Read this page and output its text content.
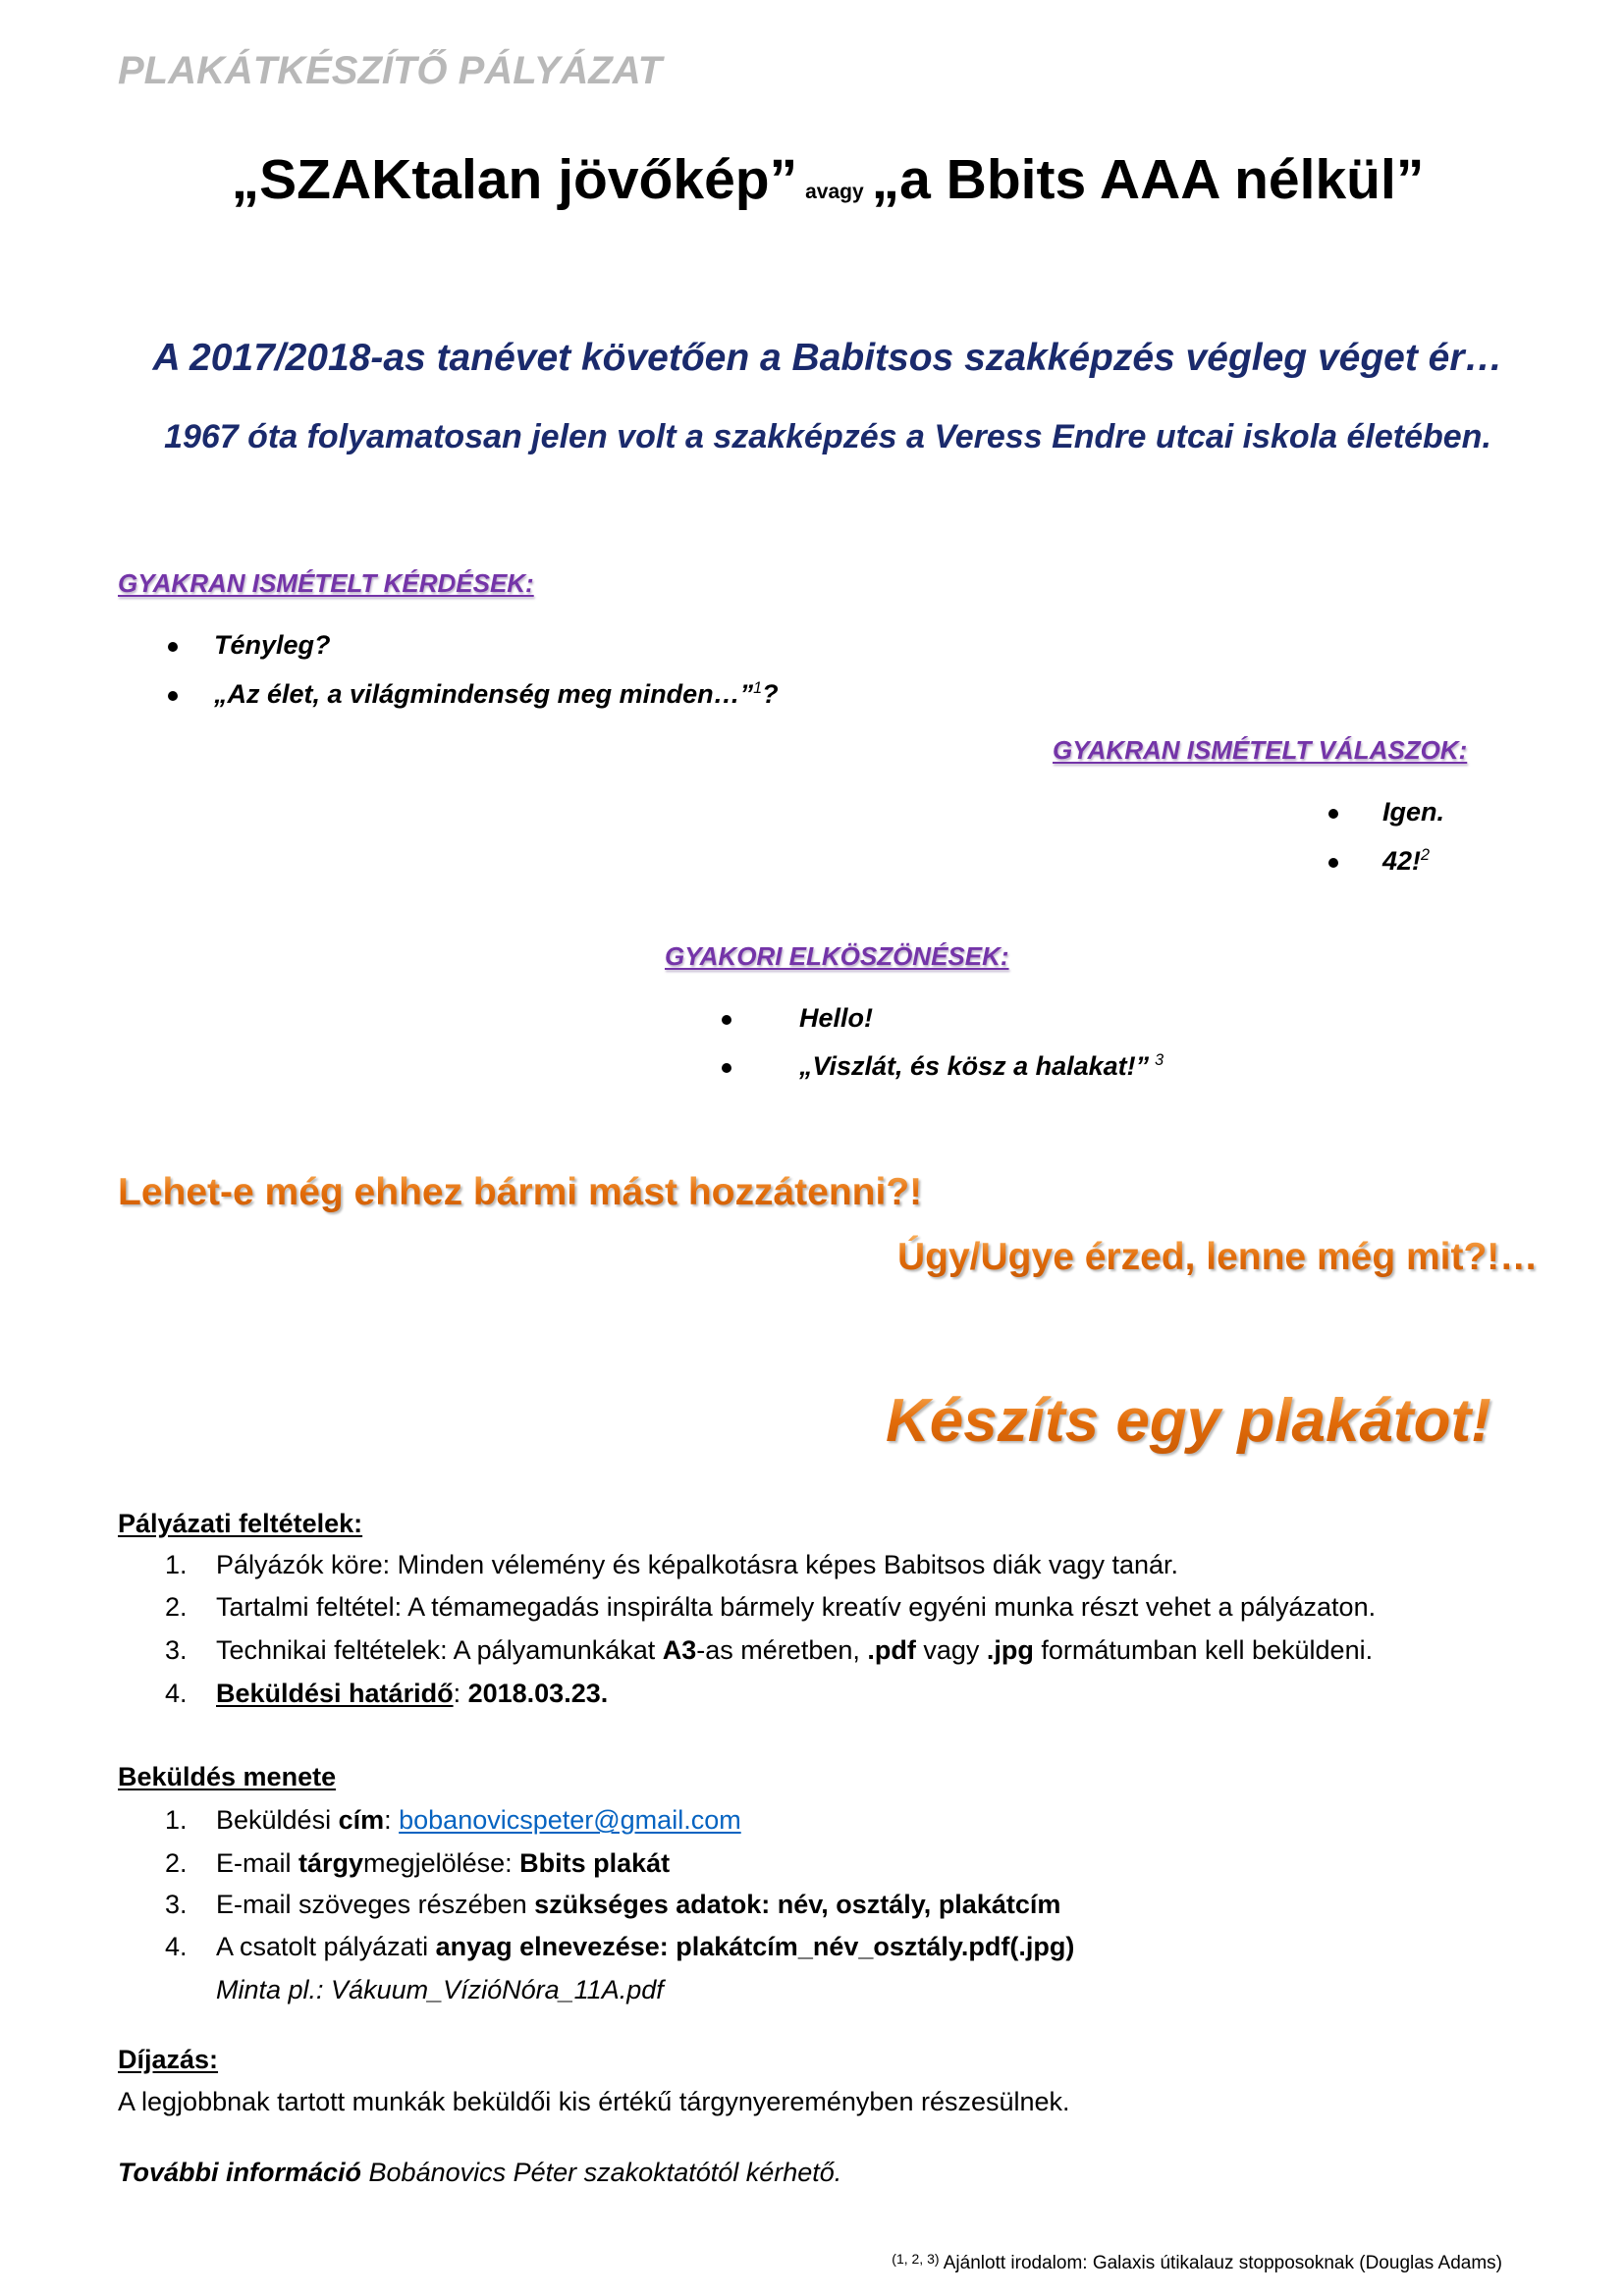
PLAKÁTKÉSZÍTŐ PÁLYÁZAT
„SZAKtalan jövőkép” avagy „a Bbits AAA nélkül”
A 2017/2018-as tanévet követően a Babitsos szakképzés végleg véget ér…
1967 óta folyamatosan jelen volt a szakképzés a Veress Endre utcai iskola életében.
GYAKRAN ISMÉTELT KÉRDÉSEK:
Tényleg?
„Az élet, a világmindenség meg minden…”$^1$?
GYAKRAN ISMÉTELT VÁLASZOK:
Igen.
42!$^2$
GYAKORI ELKÖSZÖNÉSEK:
Hello!
„Viszlát, és kösz a halakat!” $^3$
Lehet-e még ehhez bármi mást hozzátenni?!
Úgy/Ugye érzed, lenne még mit?!…
Készíts egy plakátot!
Pályázati feltételek:
1. Pályázók köre: Minden vélemény és képalkotásra képes Babitsos diák vagy tanár.
2. Tartalmi feltétel: A témamegadás inspirálta bármely kreatív egyéni munka részt vehet a pályázaton.
3. Technikai feltételek: A pályamunkákat A3-as méretben, .pdf vagy .jpg formátumban kell beküldeni.
4. Beküldési határidő: 2018.03.23.
Beküldés menete
1. Beküldési cím: bobanovicspeter@gmail.com
2. E-mail tárgymegjelölése: Bbits plakát
3. E-mail szöveges részében szükséges adatok: név, osztály, plakátcím
4. A csatolt pályázati anyag elnevezése: plakátcím_név_osztály.pdf(.jpg)
Minta pl.: Vákuum_VízióNóra_11A.pdf
Díjazás:
A legjobbnak tartott munkák beküldői kis értékű tárgynyereményben részesülnek.
További információ Bobánovics Péter szakoktatótól kérhető.
$^{(1, 2, 3)}$ Ajánlott irodalom: Galaxis útikalauz stopposoknak (Douglas Adams)
